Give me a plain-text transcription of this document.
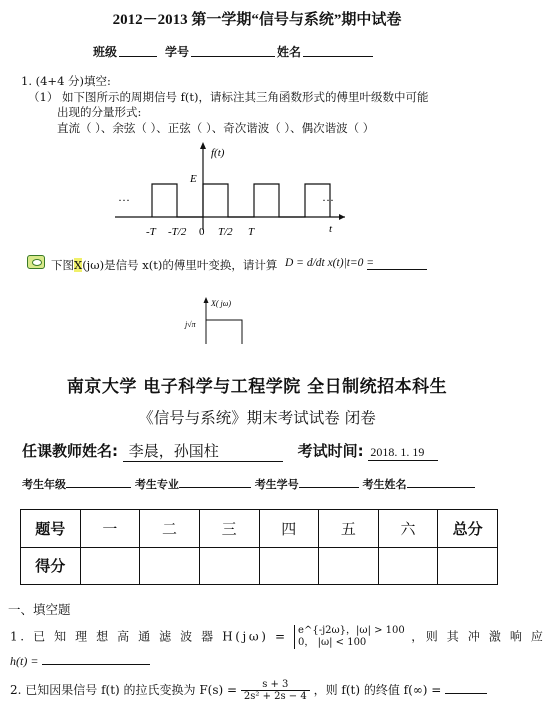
2012－2013 第一学期“信号与系统”期中试卷
班级	学号	姓名
1. (4+4 分)填空:
（1） 如下图所示的周期信号 f(t)，请标注其三角函数形式的傅里叶级数中可能
出现的分量形式:
直流（ ）、余弦（ ）、正弦（ ）、奇次谐波（ ）、偶次谐波（ ）
f(t)
E
···	···
t
-T -T/2 0 T/2 T
下图X(jω)是信号 x(t)的傅里叶变换，请计算 D = d/dt x(t)|t=0 =
X( jω)
j√π
南京大学 电子科学与工程学院 全日制统招本科生
《信号与系统》期末考试试卷 闭卷
任课教师姓名: 李晨，孙国柱	考试时间: 2018. 1. 19
考生年级	考生专业	考生学号	考生姓名
题号	一	二	三	四	五	六	总分
得分							
一、填空题
1. 已 知 理 想 高 通 滤 波 器 H(jω) = e^{-j2ω}，|ω| > 100
0， |ω| < 100	，则 其 冲 激 响 应
h(t) =
2. 已知因果信号 f(t) 的拉氏变换为 $F(s) = \frac{s + 3}{\text{2s² + 2s − 4}}$ ，则 f(t) 的终值 f(∞) =
